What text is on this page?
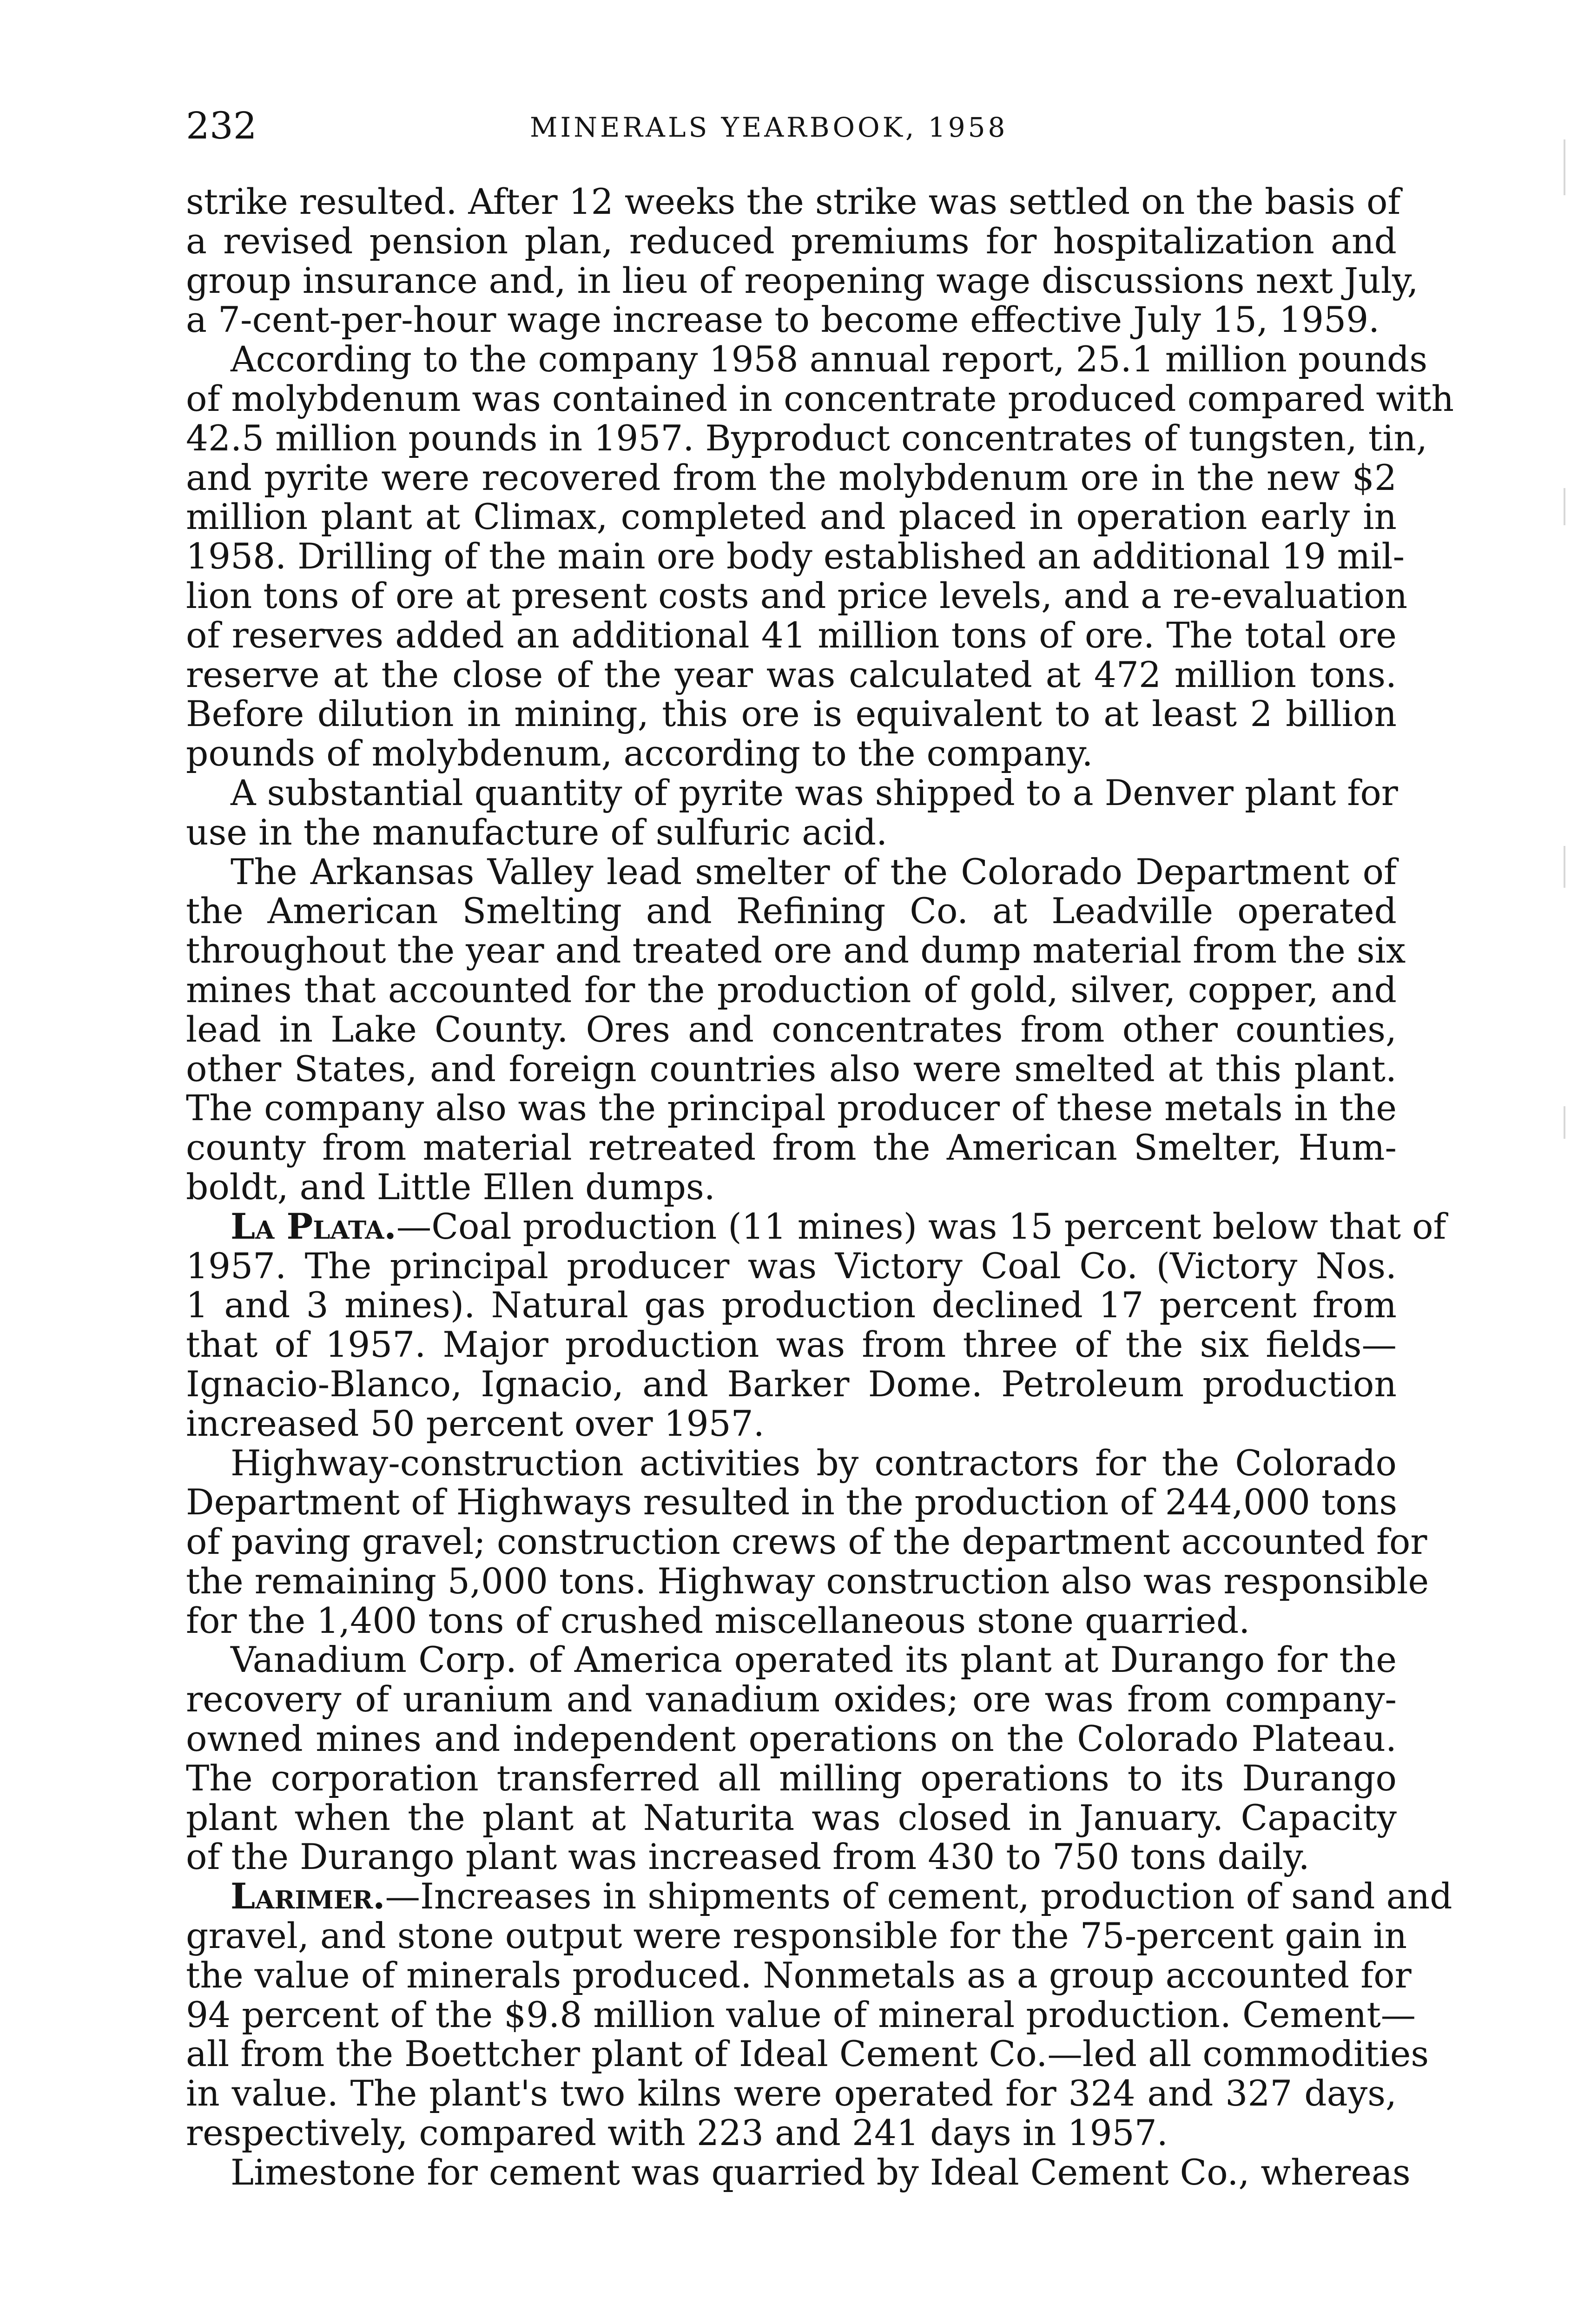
232	MINERALS YEARBOOK, 1958
strike resulted. After 12 weeks the strike was settled on the basis of
a revised pension plan, reduced premiums for hospitalization and
group insurance and, in lieu of reopening wage discussions next July,
a 7-cent-per-hour wage increase to become effective July 15, 1959.
According to the company 1958 annual report, 25.1 million pounds
of molybdenum was contained in concentrate produced compared with
42.5 million pounds in 1957. Byproduct concentrates of tungsten, tin,
and pyrite were recovered from the molybdenum ore in the new $2
million plant at Climax, completed and placed in operation early in
1958. Drilling of the main ore body established an additional 19 mil-
lion tons of ore at present costs and price levels, and a re-evaluation
of reserves added an additional 41 million tons of ore. The total ore
reserve at the close of the year was calculated at 472 million tons.
Before dilution in mining, this ore is equivalent to at least 2 billion
pounds of molybdenum, according to the company.
A substantial quantity of pyrite was shipped to a Denver plant for
use in the manufacture of sulfuric acid.
The Arkansas Valley lead smelter of the Colorado Department of
the American Smelting and Refining Co. at Leadville operated
throughout the year and treated ore and dump material from the six
mines that accounted for the production of gold, silver, copper, and
lead in Lake County. Ores and concentrates from other counties,
other States, and foreign countries also were smelted at this plant.
The company also was the principal producer of these metals in the
county from material retreated from the American Smelter, Hum-
boldt, and Little Ellen dumps.
La Plata.—Coal production (11 mines) was 15 percent below that of
1957. The principal producer was Victory Coal Co. (Victory Nos.
1 and 3 mines). Natural gas production declined 17 percent from
that of 1957. Major production was from three of the six fields—
Ignacio-Blanco, Ignacio, and Barker Dome. Petroleum production
increased 50 percent over 1957.
Highway-construction activities by contractors for the Colorado
Department of Highways resulted in the production of 244,000 tons
of paving gravel; construction crews of the department accounted for
the remaining 5,000 tons. Highway construction also was responsible
for the 1,400 tons of crushed miscellaneous stone quarried.
Vanadium Corp. of America operated its plant at Durango for the
recovery of uranium and vanadium oxides; ore was from company-
owned mines and independent operations on the Colorado Plateau.
The corporation transferred all milling operations to its Durango
plant when the plant at Naturita was closed in January. Capacity
of the Durango plant was increased from 430 to 750 tons daily.
Larimer.—Increases in shipments of cement, production of sand and
gravel, and stone output were responsible for the 75-percent gain in
the value of minerals produced. Nonmetals as a group accounted for
94 percent of the $9.8 million value of mineral production. Cement—
all from the Boettcher plant of Ideal Cement Co.—led all commodities
in value. The plant's two kilns were operated for 324 and 327 days,
respectively, compared with 223 and 241 days in 1957.
Limestone for cement was quarried by Ideal Cement Co., whereas
